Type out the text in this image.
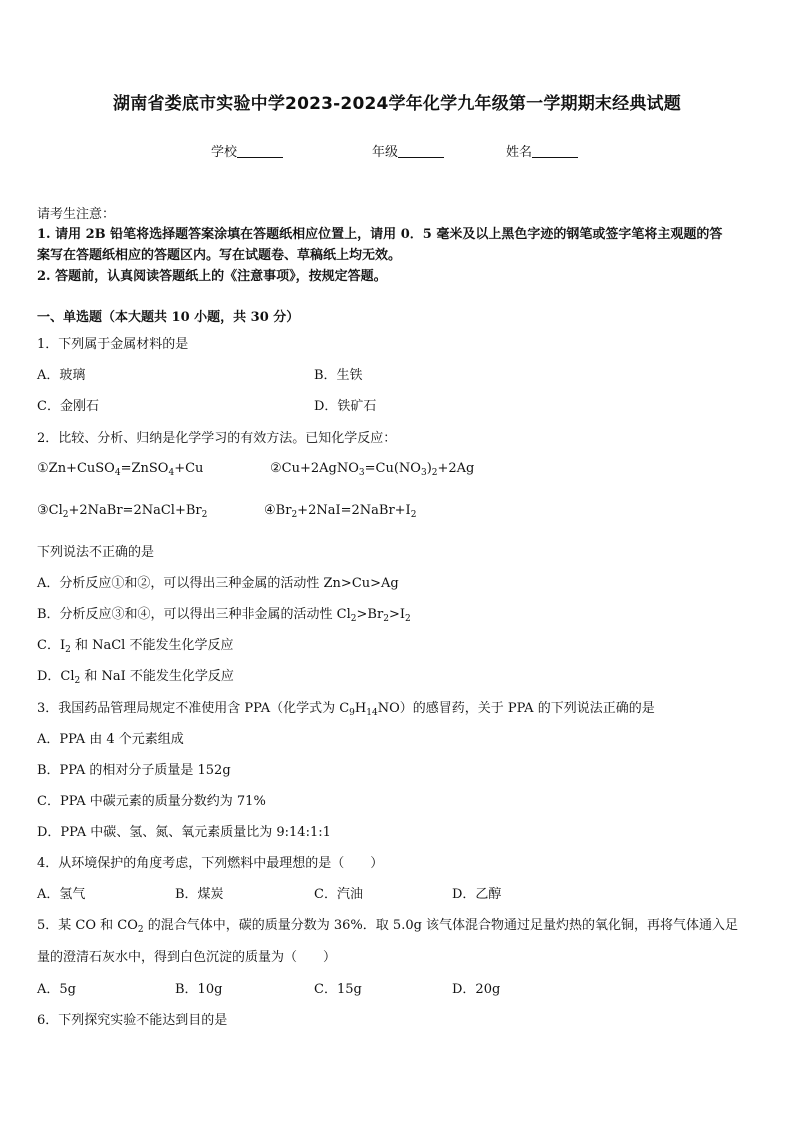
湖南省娄底市实验中学2023-2024学年化学九年级第一学期期末经典试题
学校	年级	姓名
请考生注意：
1. 请用 2B 铅笔将选择题答案涂填在答题纸相应位置上，请用 0．5 毫米及以上黑色字迹的钢笔或签字笔将主观题的答
案写在答题纸相应的答题区内。写在试题卷、草稿纸上均无效。
2. 答题前，认真阅读答题纸上的《注意事项》，按规定答题。
一、单选题（本大题共 10 小题，共 30 分）
1．下列属于金属材料的是
A．玻璃	B．生铁
C．金刚石	D．铁矿石
2．比较、分析、归纳是化学学习的有效方法。已知化学反应：
①Zn+CuSO$_4$=ZnSO$_4$+Cu	$②Cu+2AgNO_3=Cu(NO_3)_2+2Ag$
$③Cl_2+2NaBr=2NaCl+Br_2$	$④Br_2+2NaI=2NaBr+I_2$
下列说法不正确的是
A．分析反应①和②，可以得出三种金属的活动性 Zn>Cu>Ag
B．分析反应③和④，可以得出三种非金属的活动性 $Cl_2>Br_2>I_2$
C．$I_2$ 和 NaCl 不能发生化学反应
D．$Cl_2$ 和 NaI 不能发生化学反应
3．我国药品管理局规定不准使用含 PPA（化学式为 $C_9H_{14}NO$）的感冒药，关于 PPA 的下列说法正确的是
A．PPA 由 4 个元素组成
B．PPA 的相对分子质量是 152g
C．PPA 中碳元素的质量分数约为 71%
D．PPA 中碳、氢、氮、氧元素质量比为 9:14:1:1
4．从环境保护的角度考虑，下列燃料中最理想的是（　　）
A．氢气	B．煤炭	C．汽油	D．乙醇
5．某 CO 和 $CO_2$ 的混合气体中，碳的质量分数为 36%．取 5.0g 该气体混合物通过足量灼热的氧化铜，再将气体通入足
量的澄清石灰水中，得到白色沉淀的质量为（　　）
A．5g	B．10g	C．15g	D．20g
6．下列探究实验不能达到目的是
